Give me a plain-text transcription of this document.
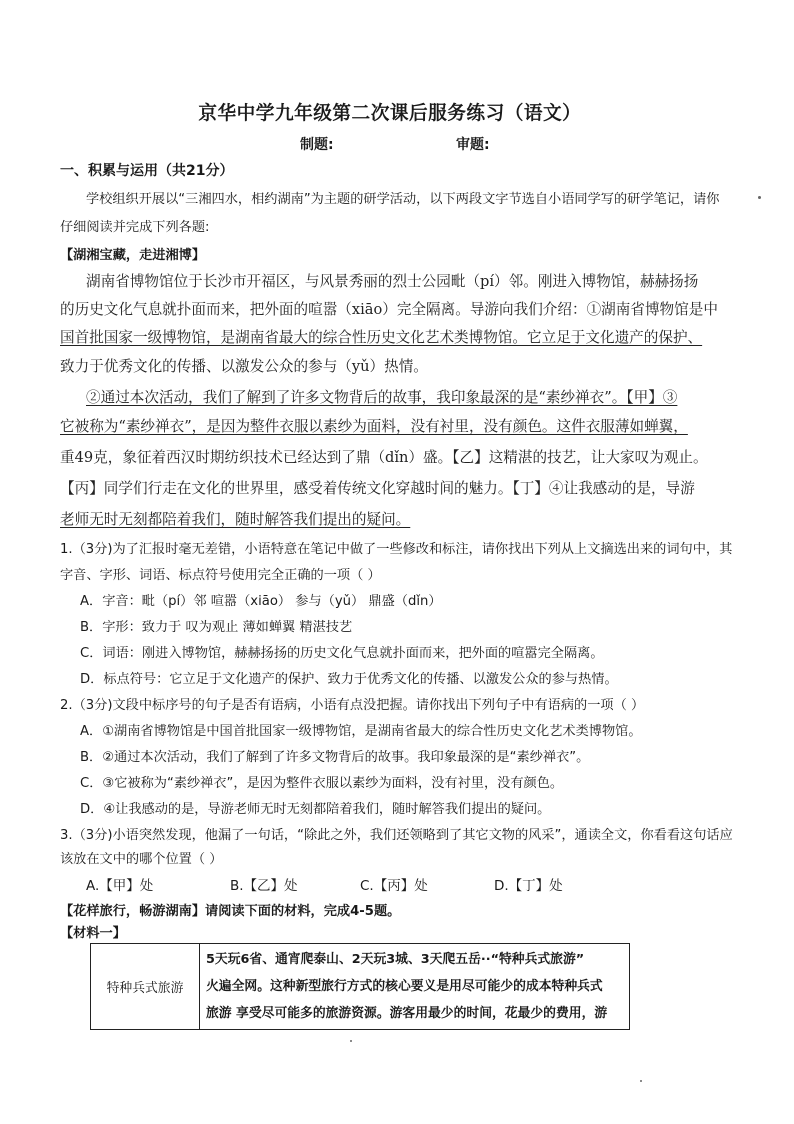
京华中学九年级第二次课后服务练习（语文）
制题:	审题:
一、积累与运用（共21分）
学校组织开展以“三湘四水，相约湖南”为主题的研学活动，以下两段文字节选自小语同学写的研学笔记，请你
仔细阅读并完成下列各题:
【湖湘宝藏，走进湘博】
湖南省博物馆位于长沙市开福区，与风景秀丽的烈士公园毗（pí）邻。刚进入博物馆，赫赫扬扬
的历史文化气息就扑面而来，把外面的喧嚣（xiāo）完全隔离。导游向我们介绍：①湖南省博物馆是中
国首批国家一级博物馆，是湖南省最大的综合性历史文化艺术类博物馆。它立足于文化遗产的保护、
致力于优秀文化的传播、以激发公众的参与（yǔ）热情。
②通过本次活动，我们了解到了许多文物背后的故事，我印象最深的是“素纱禅衣”。【甲】③
它被称为“素纱禅衣”，是因为整件衣服以素纱为面料，没有衬里，没有颜色。这件衣服薄如蝉翼，
重49克，象征着西汉时期纺织技术已经达到了鼎（dǐn）盛。【乙】这精湛的技艺，让大家叹为观止。
【丙】同学们行走在文化的世界里，感受着传统文化穿越时间的魅力。【丁】④让我感动的是，导游
老师无时无刻都陪着我们，随时解答我们提出的疑问。
1.（3分)为了汇报时毫无差错，小语特意在笔记中做了一些修改和标注，请你找出下列从上文摘选出来的词句中，其
字音、字形、词语、标点符号使用完全正确的一项（ ）
A．字音：毗（pí）邻 喧嚣（xiāo） 参与（yǔ） 鼎盛（dǐn）
B．字形：致力于 叹为观止 薄如蝉翼 精湛技艺
C．词语：刚进入博物馆，赫赫扬扬的历史文化气息就扑面而来，把外面的喧嚣完全隔离。
D．标点符号：它立足于文化遗产的保护、致力于优秀文化的传播、以激发公众的参与热情。
2.（3分)文段中标序号的句子是否有语病，小语有点没把握。请你找出下列句子中有语病的一项（ ）
A．①湖南省博物馆是中国首批国家一级博物馆，是湖南省最大的综合性历史文化艺术类博物馆。
B．②通过本次活动，我们了解到了许多文物背后的故事。我印象最深的是“素纱禅衣”。
C．③它被称为“素纱禅衣”，是因为整件衣服以素纱为面料，没有衬里，没有颜色。
D．④让我感动的是，导游老师无时无刻都陪着我们，随时解答我们提出的疑问。
3.（3分)小语突然发现，他漏了一句话，“除此之外，我们还领略到了其它文物的风采”，通读全文，你看看这句话应
该放在文中的哪个位置（ ）
A.【甲】处	B.【乙】处	C.【丙】处	D.【丁】处
【花样旅行，畅游湖南】请阅读下面的材料，完成4-5题。
【材料一】
特种兵式旅游	
5天玩6省、通宵爬泰山、2天玩3城、3天爬五岳··“特种兵式旅游”
火遍全网。这种新型旅行方式的核心要义是用尽可能少的成本特种兵式
旅游 享受尽可能多的旅游资源。游客用最少的时间，花最少的费用，游
